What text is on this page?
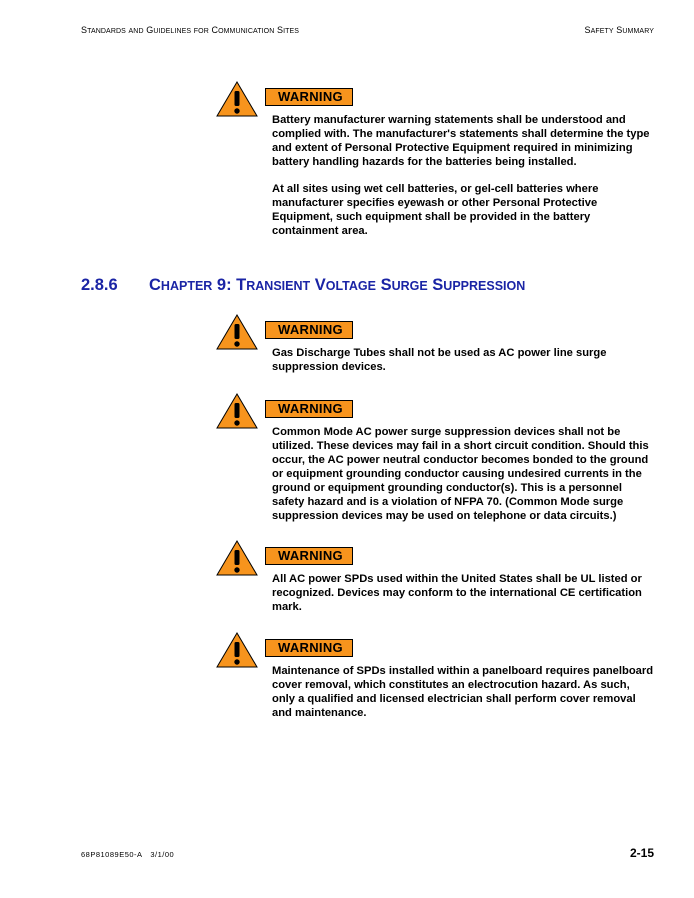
STANDARDS AND GUIDELINES FOR COMMUNICATION SITES	SAFETY SUMMARY
WARNING

Battery manufacturer warning statements shall be understood and complied with. The manufacturer's statements shall determine the type and extent of Personal Protective Equipment required in minimizing battery handling hazards for the batteries being installed.

At all sites using wet cell batteries, or gel-cell batteries where manufacturer specifies eyewash or other Personal Protective Equipment, such equipment shall be provided in the battery containment area.

2.8.6 CHAPTER 9: TRANSIENT VOLTAGE SURGE SUPPRESSION
WARNING

Gas Discharge Tubes shall not be used as AC power line surge suppression devices.

WARNING

Common Mode AC power surge suppression devices shall not be utilized. These devices may fail in a short circuit condition. Should this occur, the AC power neutral conductor becomes bonded to the ground or equipment grounding conductor causing undesired currents in the ground or equipment grounding conductor(s). This is a personnel safety hazard and is a violation of NFPA 70. (Common Mode surge suppression devices may be used on telephone or data circuits.)

WARNING

All AC power SPDs used within the United States shall be UL listed or recognized. Devices may conform to the international CE certification mark.

WARNING

Maintenance of SPDs installed within a panelboard requires panelboard cover removal, which constitutes an electrocution hazard. As such, only a qualified and licensed electrician shall perform cover removal and maintenance.

68P81089E50-A 3/1/00	2-15
